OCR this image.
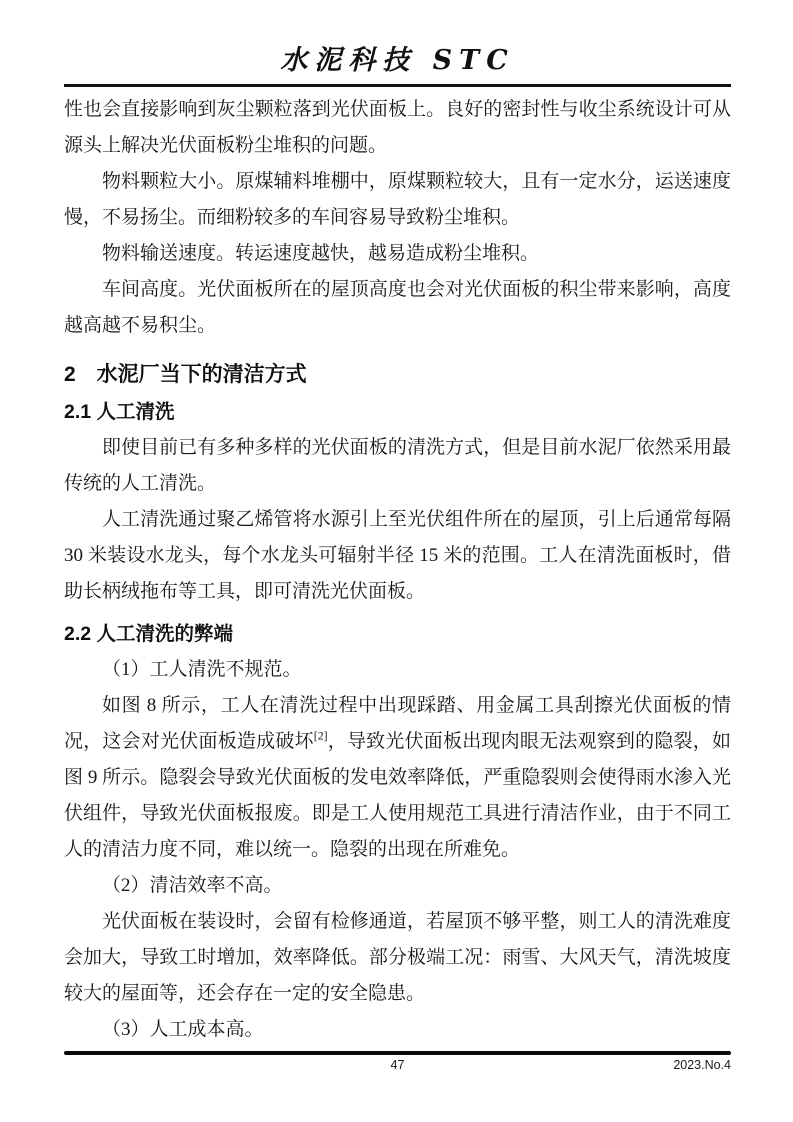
水泥科技 STC

性也会直接影响到灰尘颗粒落到光伏面板上。良好的密封性与收尘系统设计可从源头上解决光伏面板粉尘堆积的问题。

物料颗粒大小。原煤辅料堆棚中，原煤颗粒较大，且有一定水分，运送速度慢，不易扬尘。而细粉较多的车间容易导致粉尘堆积。

物料输送速度。转运速度越快，越易造成粉尘堆积。

车间高度。光伏面板所在的屋顶高度也会对光伏面板的积尘带来影响，高度越高越不易积尘。

2　水泥厂当下的清洁方式
2.1 人工清洗

即使目前已有多种多样的光伏面板的清洗方式，但是目前水泥厂依然采用最传统的人工清洗。

人工清洗通过聚乙烯管将水源引上至光伏组件所在的屋顶，引上后通常每隔 30 米装设水龙头，每个水龙头可辐射半径 15 米的范围。工人在清洗面板时，借助长柄绒拖布等工具，即可清洗光伏面板。

2.2 人工清洗的弊端

（1）工人清洗不规范。

如图 8 所示，工人在清洗过程中出现踩踏、用金属工具刮擦光伏面板的情况，这会对光伏面板造成破坏[2]，导致光伏面板出现肉眼无法观察到的隐裂，如图 9 所示。隐裂会导致光伏面板的发电效率降低，严重隐裂则会使得雨水渗入光伏组件，导致光伏面板报废。即是工人使用规范工具进行清洁作业，由于不同工人的清洁力度不同，难以统一。隐裂的出现在所难免。

（2）清洁效率不高。

光伏面板在装设时，会留有检修通道，若屋顶不够平整，则工人的清洗难度会加大，导致工时增加，效率降低。部分极端工况：雨雪、大风天气，清洗坡度较大的屋面等，还会存在一定的安全隐患。

（3）人工成本高。

47	2023.No.4
